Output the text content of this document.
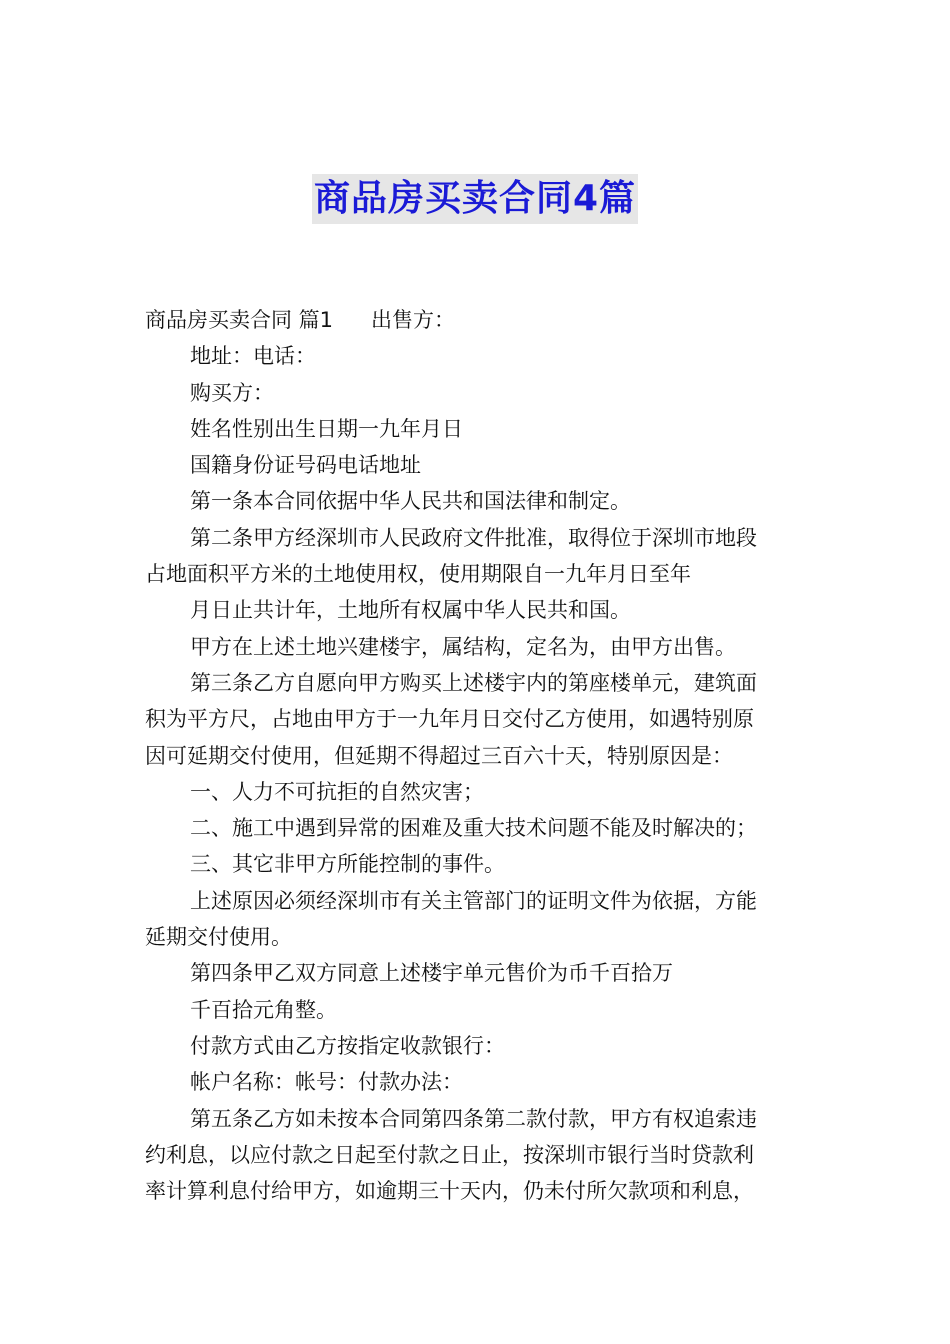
商品房买卖合同4篇
商品房买卖合同 篇1 出售方：
地址：电话：
购买方：
姓名性别出生日期一九年月日
国籍身份证号码电话地址
第一条本合同依据中华人民共和国法律和制定。
第二条甲方经深圳市人民政府文件批准，取得位于深圳市地段
占地面积平方米的土地使用权，使用期限自一九年月日至年
月日止共计年，土地所有权属中华人民共和国。
甲方在上述土地兴建楼宇，属结构，定名为，由甲方出售。
第三条乙方自愿向甲方购买上述楼宇内的第座楼单元，建筑面
积为平方尺，占地由甲方于一九年月日交付乙方使用，如遇特别原
因可延期交付使用，但延期不得超过三百六十天，特别原因是：
一、人力不可抗拒的自然灾害；
二、施工中遇到异常的困难及重大技术问题不能及时解决的；
三、其它非甲方所能控制的事件。
上述原因必须经深圳市有关主管部门的证明文件为依据，方能
延期交付使用。
第四条甲乙双方同意上述楼宇单元售价为币千百拾万
千百拾元角整。
付款方式由乙方按指定收款银行：
帐户名称：帐号：付款办法：
第五条乙方如未按本合同第四条第二款付款，甲方有权追索违
约利息，以应付款之日起至付款之日止，按深圳市银行当时贷款利
率计算利息付给甲方，如逾期三十天内，仍未付所欠款项和利息，
